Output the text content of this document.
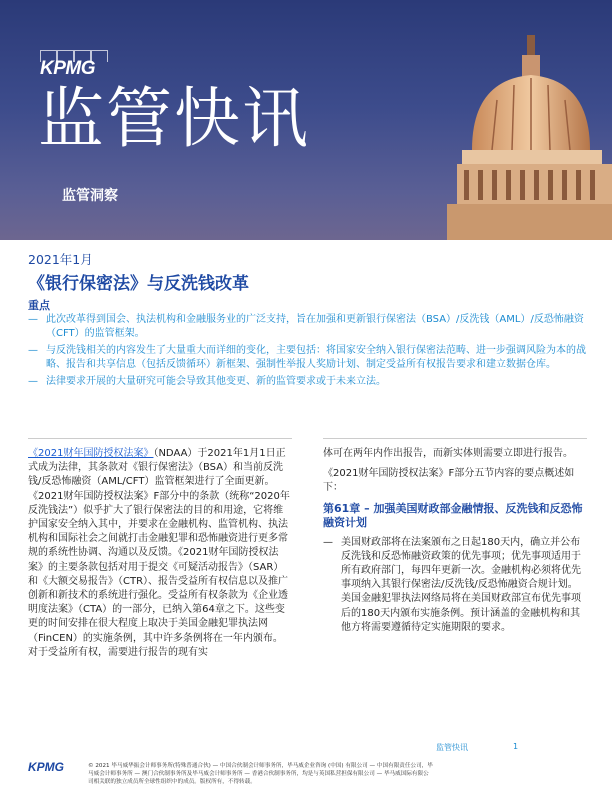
KPMG
监管快讯
监管洞察
2021年1月
《银行保密法》与反洗钱改革
重点
— 此次改革得到国会、执法机构和金融服务业的广泛支持，旨在加强和更新银行保密法（BSA）/反洗钱（AML）/反恐怖融资（CFT）的监管框架。
— 与反洗钱相关的内容发生了大量重大而详细的变化，主要包括：将国家安全纳入银行保密法范畴、进一步强调风险为本的战略、报告和共享信息（包括反馈循环）新框架、强制性举报人奖励计划、制定受益所有权报告要求和建立数据仓库。
— 法律要求开展的大量研究可能会导致其他变更、新的监管要求或于未来立法。

《2021财年国防授权法案》（NDAA）于2021年1月1日正式成为法律，其条款对《银行保密法》（BSA）和当前反洗钱/反恐怖融资（AML/CFT）监管框架进行了全面更新。《2021财年国防授权法案》F部分中的条款（统称“2020年反洗钱法”）似乎扩大了银行保密法的目的和用途，它将维护国家安全纳入其中，并要求在金融机构、监管机构、执法机构和国际社会之间就打击金融犯罪和恐怖融资进行更多常规的系统性协调、沟通以及反馈。《2021财年国防授权法案》的主要条款包括对用于提交《可疑活动报告》（SAR）和《大额交易报告》（CTR）、报告受益所有权信息以及推广创新和新技术的系统进行强化。受益所有权条款为《企业透明度法案》（CTA）的一部分，已纳入第64章之下。这些变更的时间安排在很大程度上取决于美国金融犯罪执法网（FinCEN）的实施条例，其中许多条例将在一年内颁布。对于受益所有权，需要进行报告的现有实

体可在两年内作出报告，而新实体则需要立即进行报告。

《2021财年国防授权法案》F部分五节内容的要点概述如下：

第61章 – 加强美国财政部金融情报、反洗钱和反恐怖融资计划
— 美国财政部将在法案颁布之日起180天内，确立并公布反洗钱和反恐怖融资政策的优先事项；优先事项适用于所有政府部门，每四年更新一次。金融机构必须将优先事项纳入其银行保密法/反洗钱/反恐怖融资合规计划。美国金融犯罪执法网络局将在美国财政部宣布优先事项后的180天内颁布实施条例。预计涵盖的金融机构和其他方将需要遵循待定实施期限的要求。
监管快讯	1
KPMG	© 2021 毕马威华振会计师事务所(特殊普通合伙) — 中国合伙制会计师事务所，毕马威企业咨询 (中国) 有限公司 — 中国有限责任公司，毕马威会计师事务所 — 澳门合伙制事务所及毕马威会计师事务所 — 香港合伙制事务所，均是与英国私营担保有限公司 — 毕马威国际有限公司相关联的独立成员所全球性组织中的成员。版权所有，不得转载。
